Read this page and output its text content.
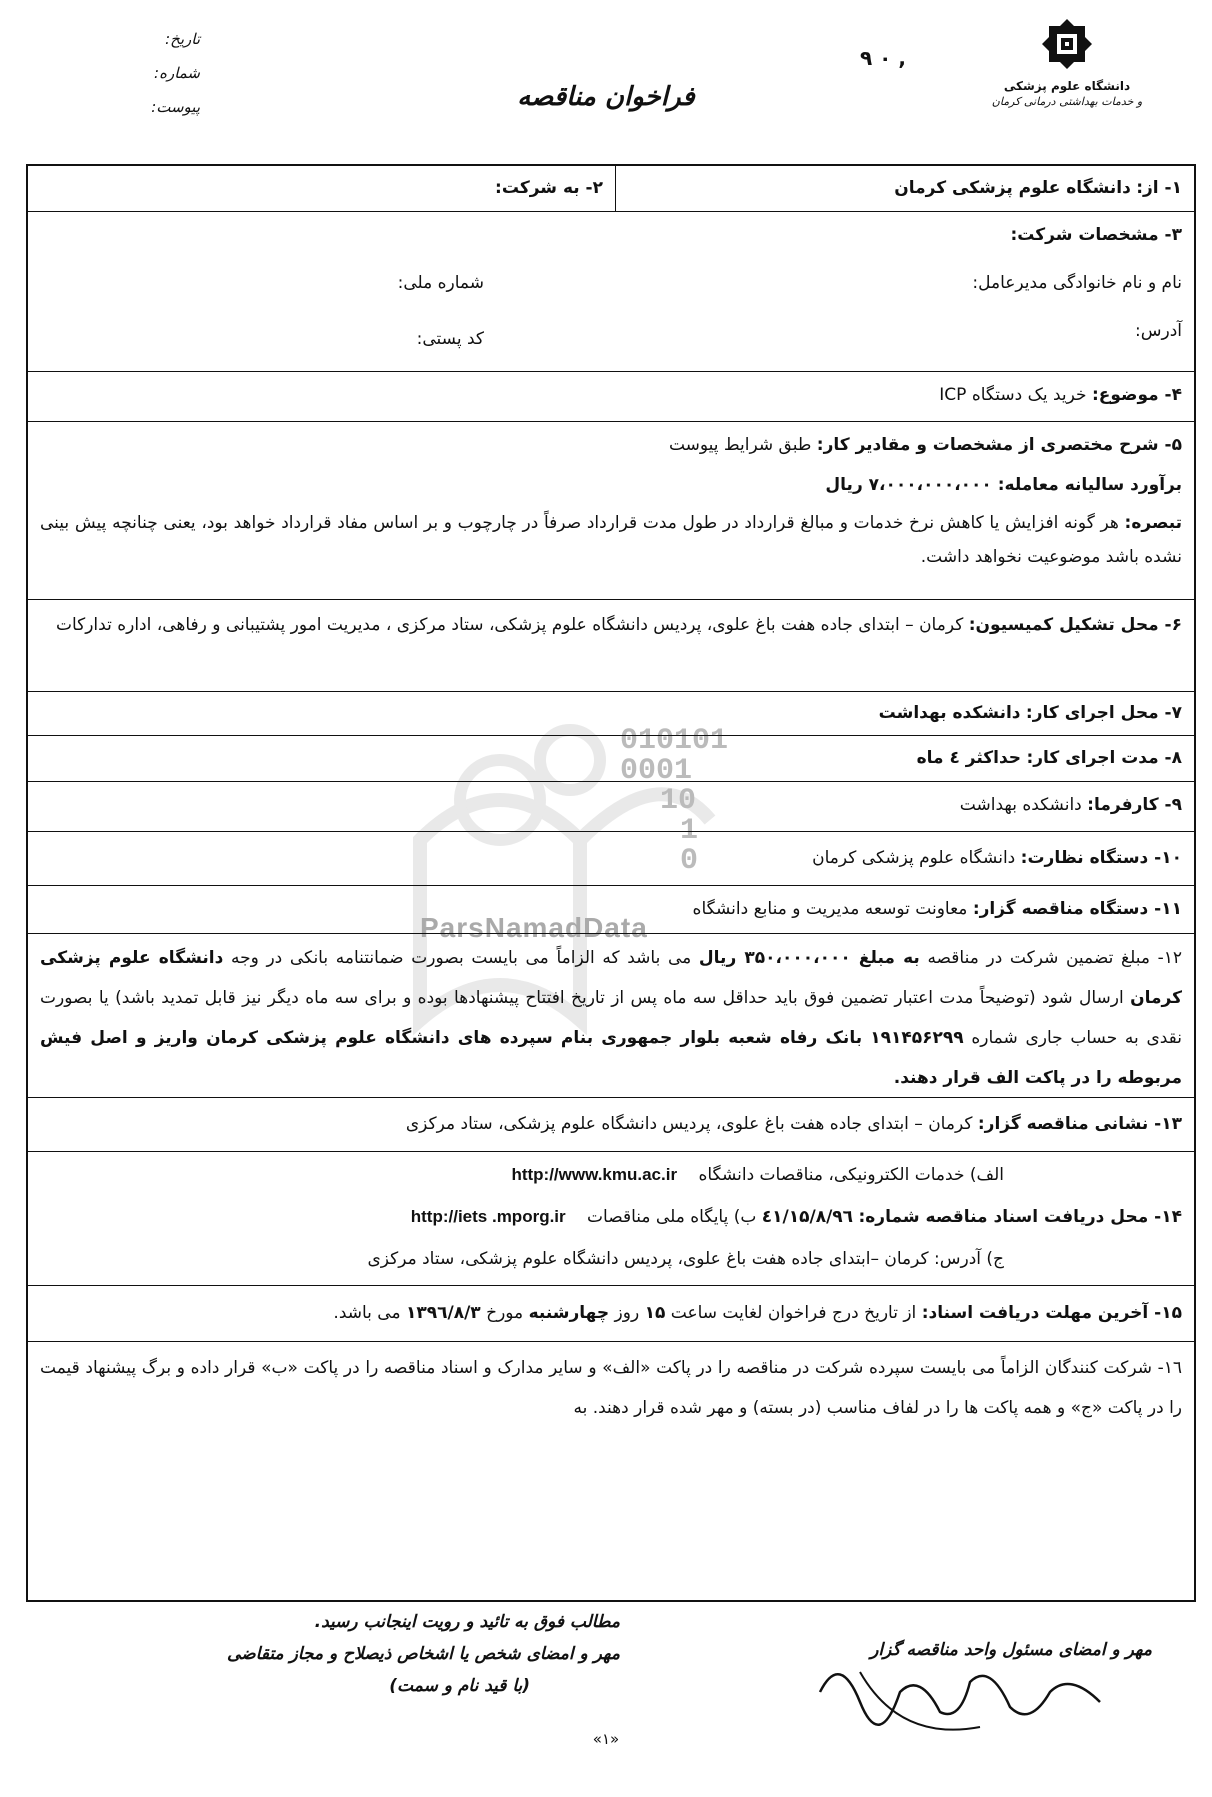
دانشگاه علوم پزشکی
و خدمات بهداشتی درمانی کرمان
٩ ۰ ,
فراخوان مناقصه
تاریخ:
شماره:
پیوست:
010101
0001
10
1
0
ParsNamadData
۱- از: دانشگاه علوم پزشکی کرمان
۲- به شرکت:
۳- مشخصات شرکت:
نام و نام خانوادگی مدیرعامل:
شماره ملی:
آدرس:
کد پستی:
۴- موضوع: خرید یک دستگاه ICP
۵- شرح مختصری از مشخصات و مقادیر کار: طبق شرایط پیوست
برآورد سالیانه معامله: ۷،۰۰۰،۰۰۰،۰۰۰ ریال
تبصره: هر گونه افزایش یا کاهش نرخ خدمات و مبالغ قرارداد در طول مدت قرارداد صرفاً در چارچوب و بر اساس مفاد قرارداد خواهد بود، یعنی چنانچه پیش بینی نشده باشد موضوعیت نخواهد داشت.
۶- محل تشکیل کمیسیون: کرمان – ابتدای جاده هفت باغ علوی، پردیس دانشگاه علوم پزشکی، ستاد مرکزی ، مدیریت امور پشتیبانی و رفاهی، اداره تدارکات
۷- محل اجرای کار: دانشکده بهداشت
۸- مدت اجرای کار: حداکثر ٤ ماه
۹- کارفرما: دانشکده بهداشت
۱۰- دستگاه نظارت: دانشگاه علوم پزشکی کرمان
۱۱- دستگاه مناقصه گزار: معاونت توسعه مدیریت و منابع دانشگاه
۱۲- مبلغ تضمین شرکت در مناقصه به مبلغ ۳۵۰،۰۰۰،۰۰۰ ریال می باشد که الزاماً می بایست بصورت ضمانتنامه بانکی در وجه دانشگاه علوم پزشکی کرمان ارسال شود (توضیحاً مدت اعتبار تضمین فوق باید حداقل سه ماه پس از تاریخ افتتاح پیشنهادها بوده و برای سه ماه دیگر نیز قابل تمدید باشد) یا بصورت نقدی به حساب جاری شماره ۱۹۱۴۵۶۲۹۹ بانک رفاه شعبه بلوار جمهوری بنام سپرده های دانشگاه علوم پزشکی کرمان واریز و اصل فیش مربوطه را در پاکت الف قرار دهند.
۱۳- نشانی مناقصه گزار: کرمان – ابتدای جاده هفت باغ علوی، پردیس دانشگاه علوم پزشکی، ستاد مرکزی
الف) خدمات الکترونیکی، مناقصات دانشگاه http://www.kmu.ac.ir
۱۴- محل دریافت اسناد مناقصه شماره: ٤١/۱۵/۸/۹٦ ب) پایگاه ملی مناقصات http://iets .mporg.ir
ج) آدرس: کرمان –ابتدای جاده هفت باغ علوی، پردیس دانشگاه علوم پزشکی، ستاد مرکزی
۱۵- آخرین مهلت دریافت اسناد: از تاریخ درج فراخوان لغایت ساعت ۱۵ روز چهارشنبه مورخ ۱۳۹٦/۸/۳ می باشد.
۱٦- شرکت کنندگان الزاماً می بایست سپرده شرکت در مناقصه را در پاکت «الف» و سایر مدارک و اسناد مناقصه را در پاکت «ب» قرار داده و برگ پیشنهاد قیمت را در پاکت «ج» و همه پاکت ها را در لفاف مناسب (در بسته) و مهر شده قرار دهند. به
مهر و امضای مسئول واحد مناقصه گزار
مطالب فوق به تائید و رویت اینجانب رسید.
مهر و امضای شخص یا اشخاص ذیصلاح و مجاز متقاضی
(با قید نام و سمت)
«۱»
